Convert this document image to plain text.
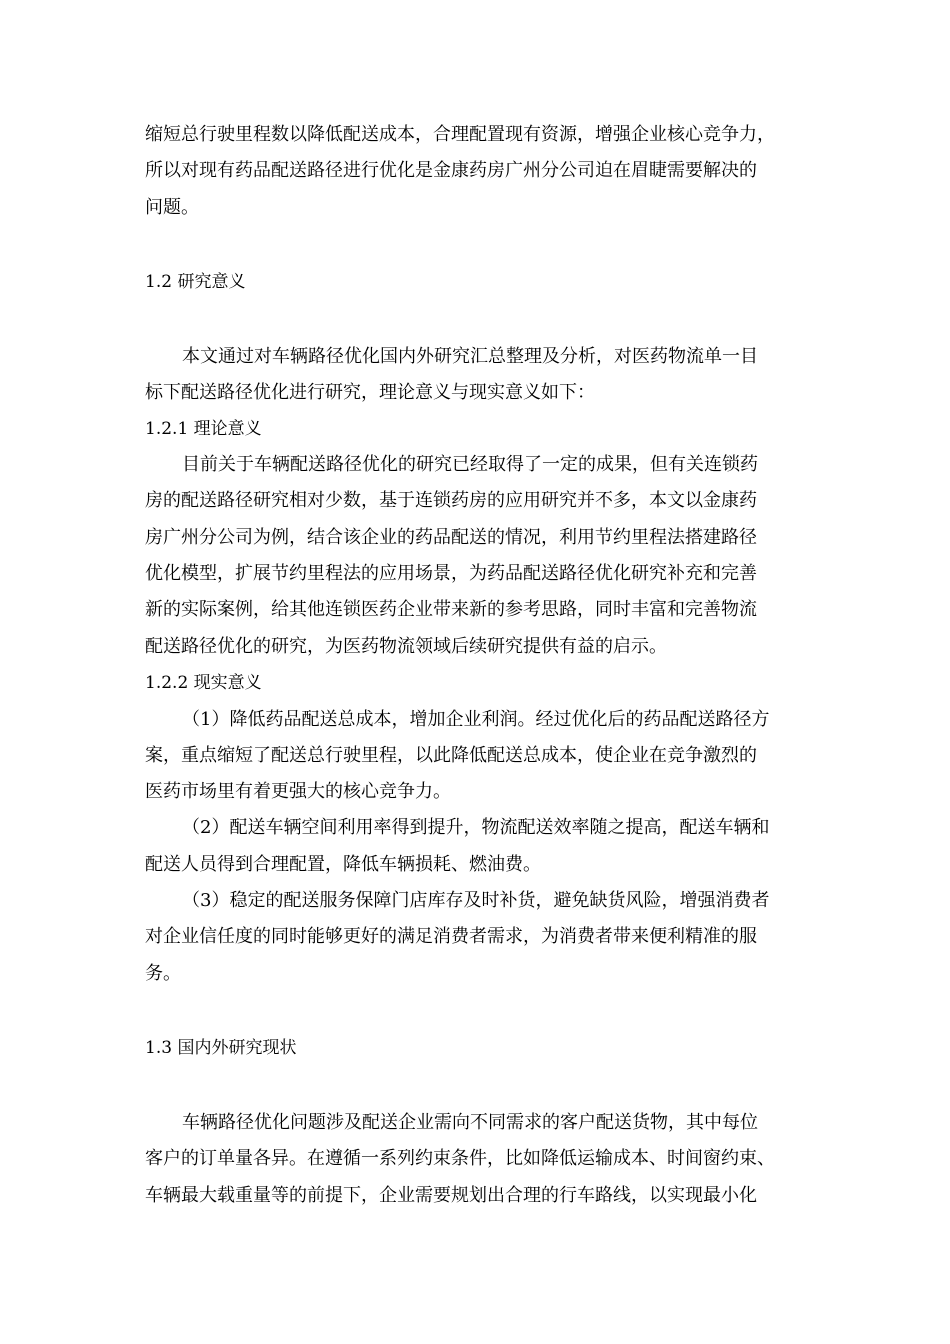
缩短总行驶里程数以降低配送成本，合理配置现有资源，增强企业核心竞争力，
所以对现有药品配送路径进行优化是金康药房广州分公司迫在眉睫需要解决的
问题。
1.2 研究意义
本文通过对车辆路径优化国内外研究汇总整理及分析，对医药物流单一目
标下配送路径优化进行研究，理论意义与现实意义如下：
1.2.1 理论意义
目前关于车辆配送路径优化的研究已经取得了一定的成果，但有关连锁药
房的配送路径研究相对少数，基于连锁药房的应用研究并不多，本文以金康药
房广州分公司为例，结合该企业的药品配送的情况，利用节约里程法搭建路径
优化模型，扩展节约里程法的应用场景，为药品配送路径优化研究补充和完善
新的实际案例，给其他连锁医药企业带来新的参考思路，同时丰富和完善物流
配送路径优化的研究，为医药物流领域后续研究提供有益的启示。
1.2.2 现实意义
（1）降低药品配送总成本，增加企业利润。经过优化后的药品配送路径方
案，重点缩短了配送总行驶里程，以此降低配送总成本，使企业在竞争激烈的
医药市场里有着更强大的核心竞争力。
（2）配送车辆空间利用率得到提升，物流配送效率随之提高，配送车辆和
配送人员得到合理配置，降低车辆损耗、燃油费。
（3）稳定的配送服务保障门店库存及时补货，避免缺货风险，增强消费者
对企业信任度的同时能够更好的满足消费者需求，为消费者带来便利精准的服
务。
1.3 国内外研究现状
车辆路径优化问题涉及配送企业需向不同需求的客户配送货物，其中每位
客户的订单量各异。在遵循一系列约束条件，比如降低运输成本、时间窗约束、
车辆最大载重量等的前提下，企业需要规划出合理的行车路线，以实现最小化
